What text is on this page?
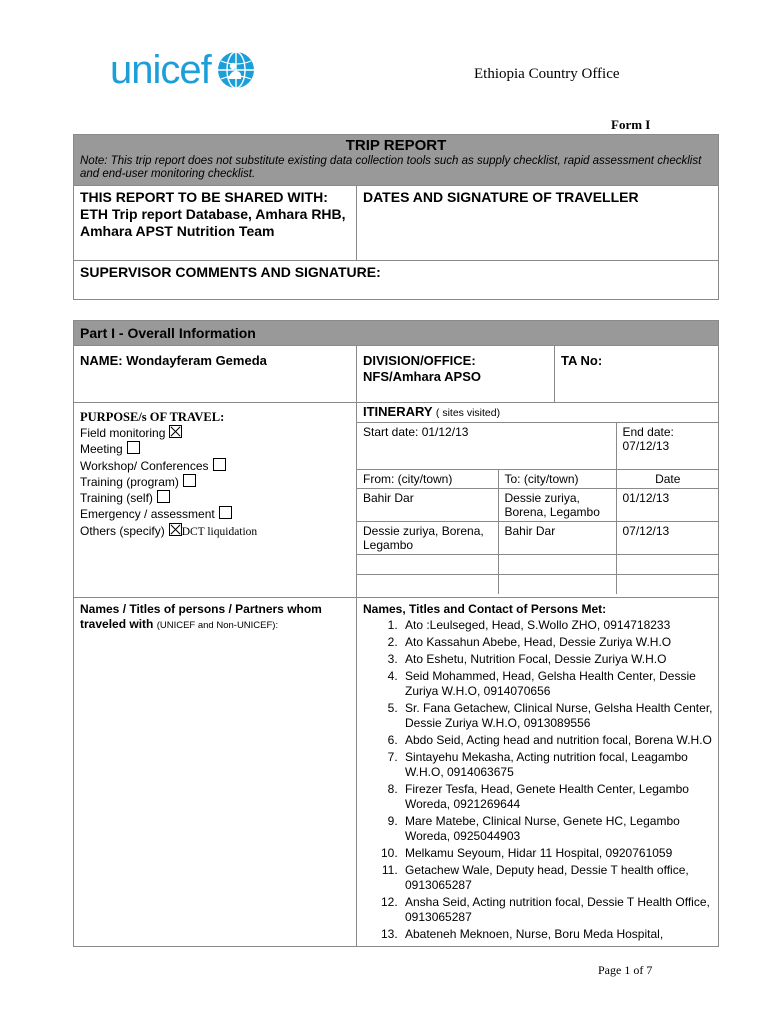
unicef	Ethiopia Country Office
Form I
TRIP REPORT
Note: This trip report does not substitute existing data collection tools such as supply checklist, rapid assessment checklist and end-user monitoring checklist.

THIS REPORT TO BE SHARED WITH:
ETH Trip report Database, Amhara RHB, Amhara APST Nutrition Team

DATES AND SIGNATURE OF TRAVELLER

SUPERVISOR COMMENTS AND SIGNATURE:
Part I - Overall Information

NAME: Wondayferam Gemeda	DIVISION/OFFICE:
NFS/Amhara APSO

TA No:

PURPOSE/s OF TRAVEL:
Field monitoring
Meeting
Workshop/ Conferences
Training (program)
Training (self)
Emergency / assessment
Others (specify) DCT liquidation

ITINERARY ( sites visited)
Start date: 01/12/13	End date: 07/12/13
From: (city/town)	To: (city/town)	Date
Bahir Dar	Dessie zuriya, Borena, Legambo	01/12/13
Dessie zuriya, Borena, Legambo	Bahir Dar	07/12/13

Names / Titles of persons / Partners whom traveled with (UNICEF and Non-UNICEF):

Names, Titles and Contact of Persons Met:
1. Ato :Leulseged, Head, S.Wollo ZHO, 0914718233
2. Ato Kassahun Abebe, Head, Dessie Zuriya W.H.O
3. Ato Eshetu, Nutrition Focal, Dessie Zuriya W.H.O
4. Seid Mohammed, Head, Gelsha Health Center, Dessie Zuriya W.H.O, 0914070656
5. Sr. Fana Getachew, Clinical Nurse, Gelsha Health Center, Dessie Zuriya W.H.O, 0913089556
6. Abdo Seid, Acting head and nutrition focal, Borena W.H.O
7. Sintayehu Mekasha, Acting nutrition focal, Leagambo W.H.O, 0914063675
8. Firezer Tesfa, Head, Genete Health Center, Legambo Woreda, 0921269644
9. Mare Matebe, Clinical Nurse, Genete HC, Legambo Woreda, 0925044903
10. Melkamu Seyoum, Hidar 11 Hospital, 0920761059
11. Getachew Wale, Deputy head, Dessie T health office, 0913065287
12. Ansha Seid, Acting nutrition focal, Dessie T Health Office, 0913065287
13. Abateneh Meknoen, Nurse, Boru Meda Hospital,
Page 1 of 7
